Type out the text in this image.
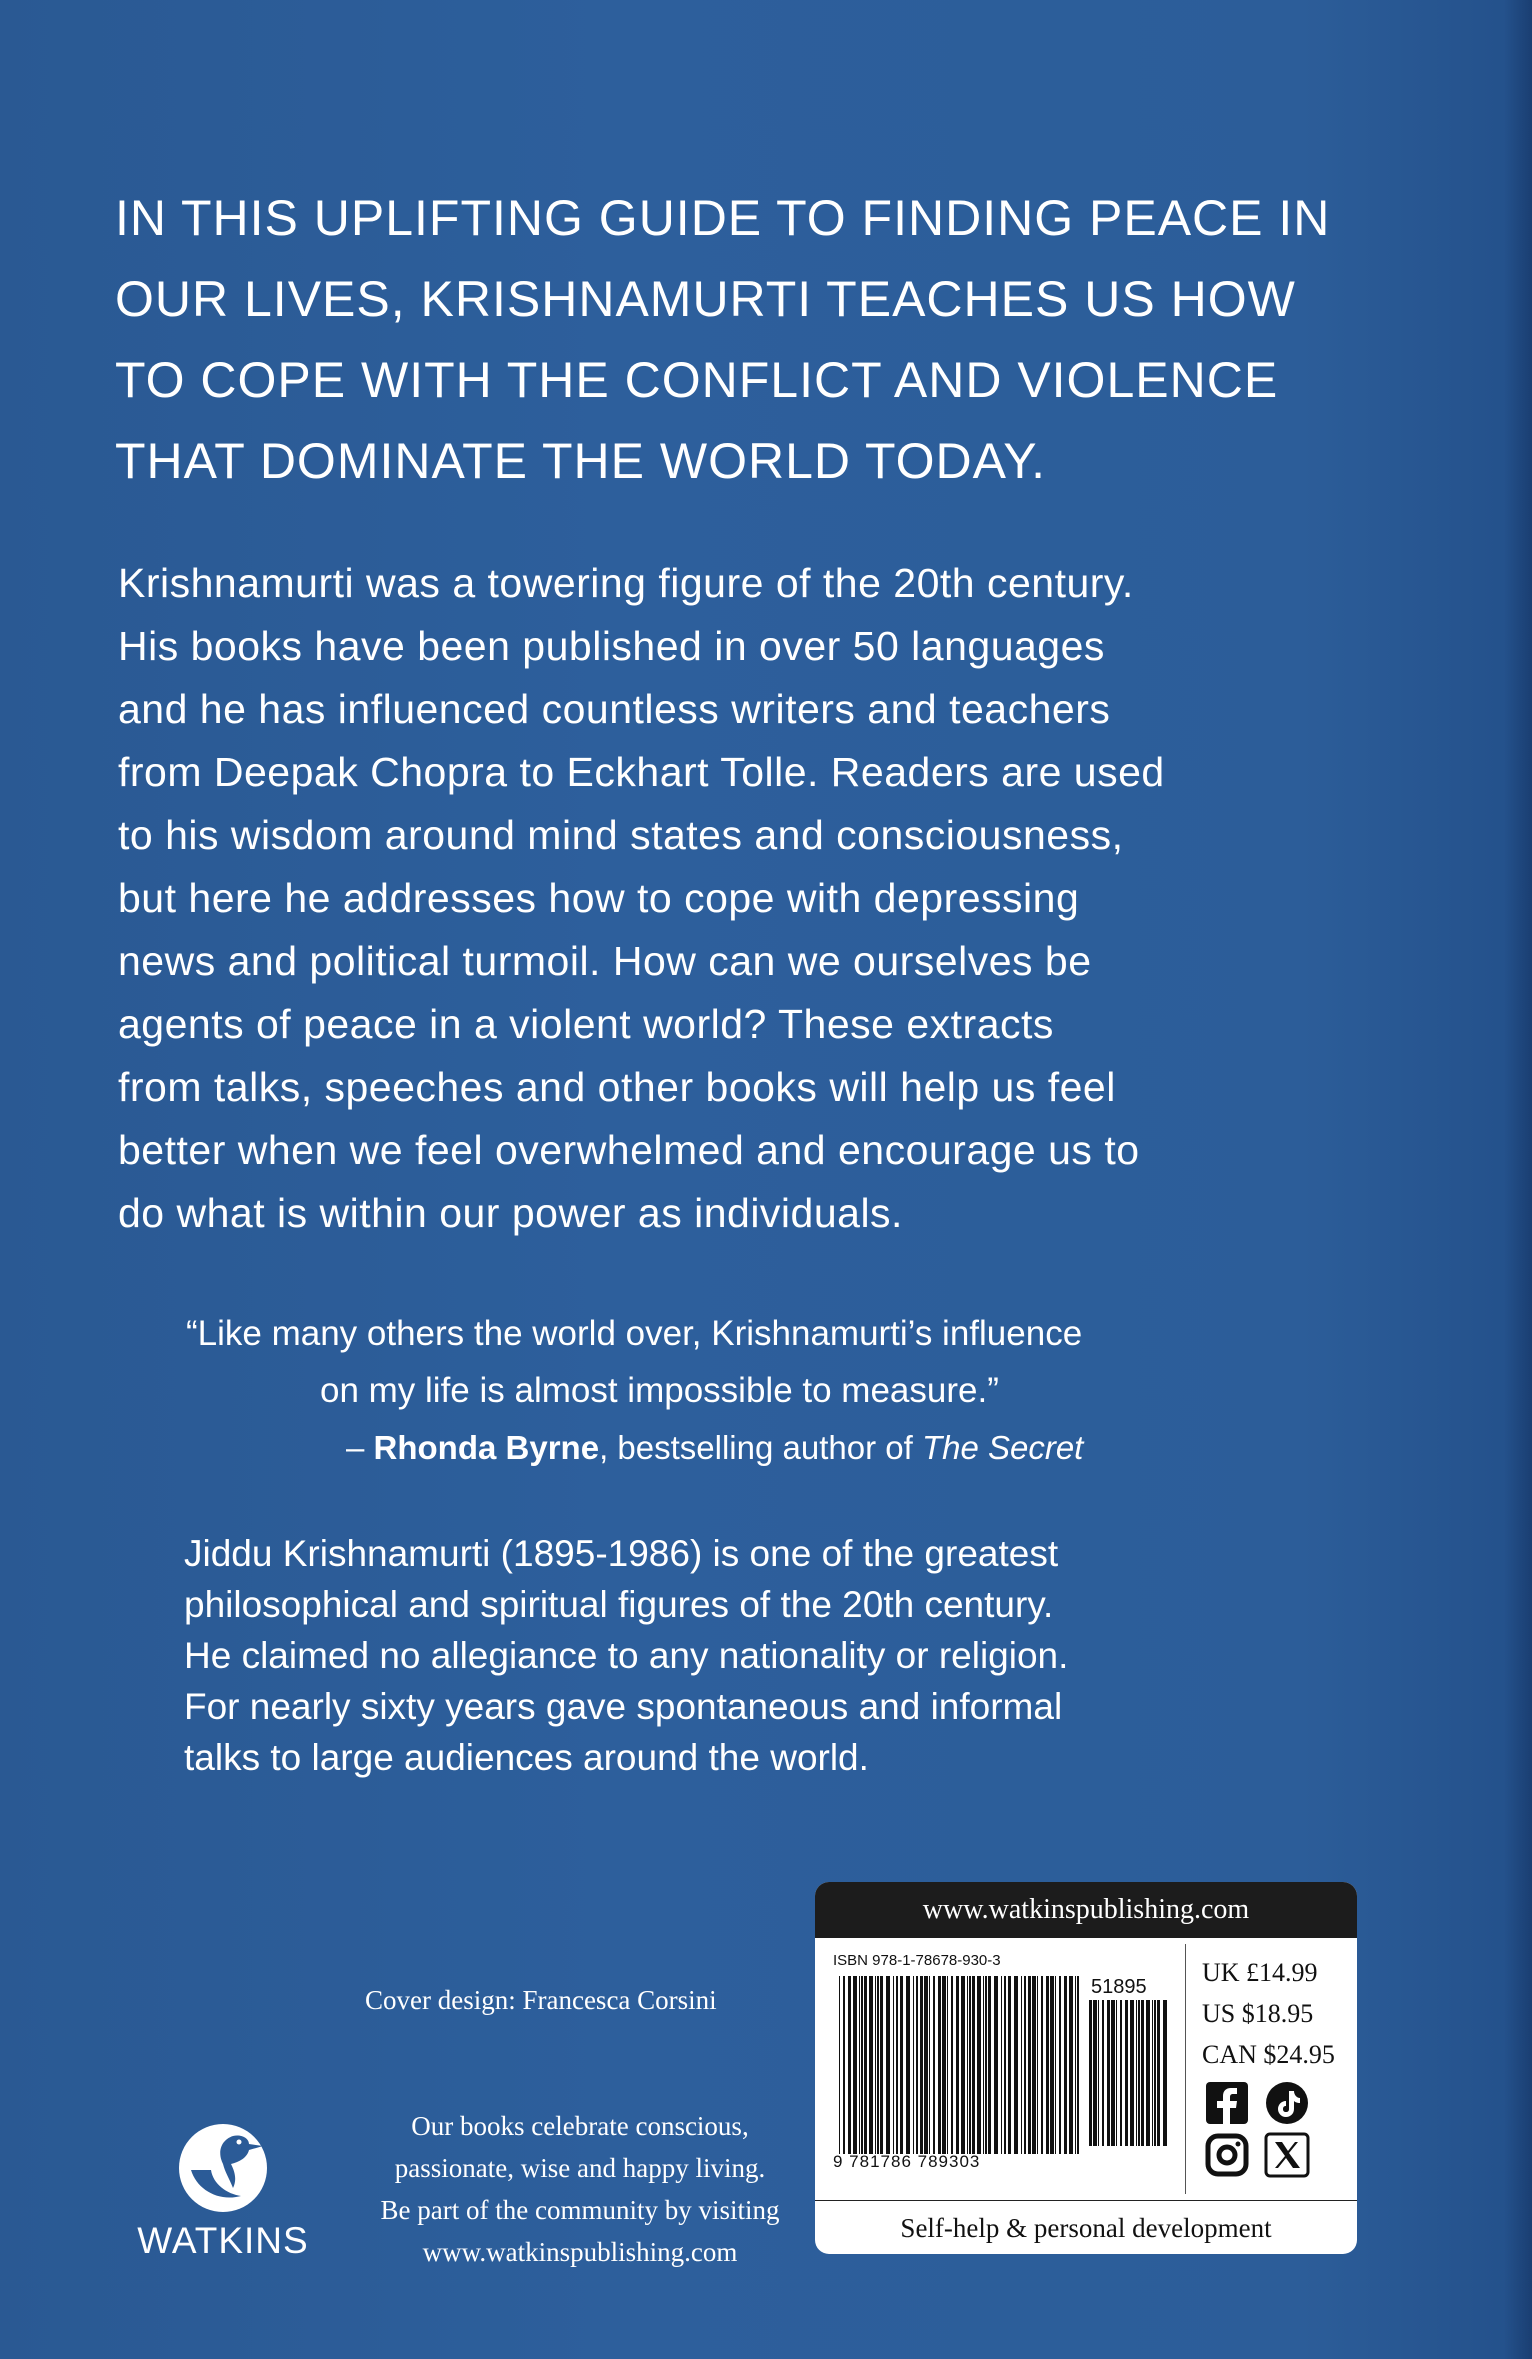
IN THIS UPLIFTING GUIDE TO FINDING PEACE IN
OUR LIVES, KRISHNAMURTI TEACHES US HOW
TO COPE WITH THE CONFLICT AND VIOLENCE
THAT DOMINATE THE WORLD TODAY.

Krishnamurti was a towering figure of the 20th century.
His books have been published in over 50 languages
and he has influenced countless writers and teachers
from Deepak Chopra to Eckhart Tolle. Readers are used
to his wisdom around mind states and consciousness,
but here he addresses how to cope with depressing
news and political turmoil. How can we ourselves be
agents of peace in a violent world? These extracts
from talks, speeches and other books will help us feel
better when we feel overwhelmed and encourage us to
do what is within our power as individuals.

“Like many others the world over, Krishnamurti’s influence
on my life is almost impossible to measure.”
– Rhonda Byrne, bestselling author of The Secret

Jiddu Krishnamurti (1895-1986) is one of the greatest
philosophical and spiritual figures of the 20th century.
He claimed no allegiance to any nationality or religion.
For nearly sixty years gave spontaneous and informal
talks to large audiences around the world.

Cover design: Francesca Corsini
Our books celebrate conscious,
passionate, wise and happy living.
Be part of the community by visiting
www.watkinspublishing.com
WATKINS
www.watkinspublishing.com
ISBN 978-1-78678-930-3
51895
9 781786 789303
UK £14.99
US $18.95
CAN $24.95
Self-help & personal development
